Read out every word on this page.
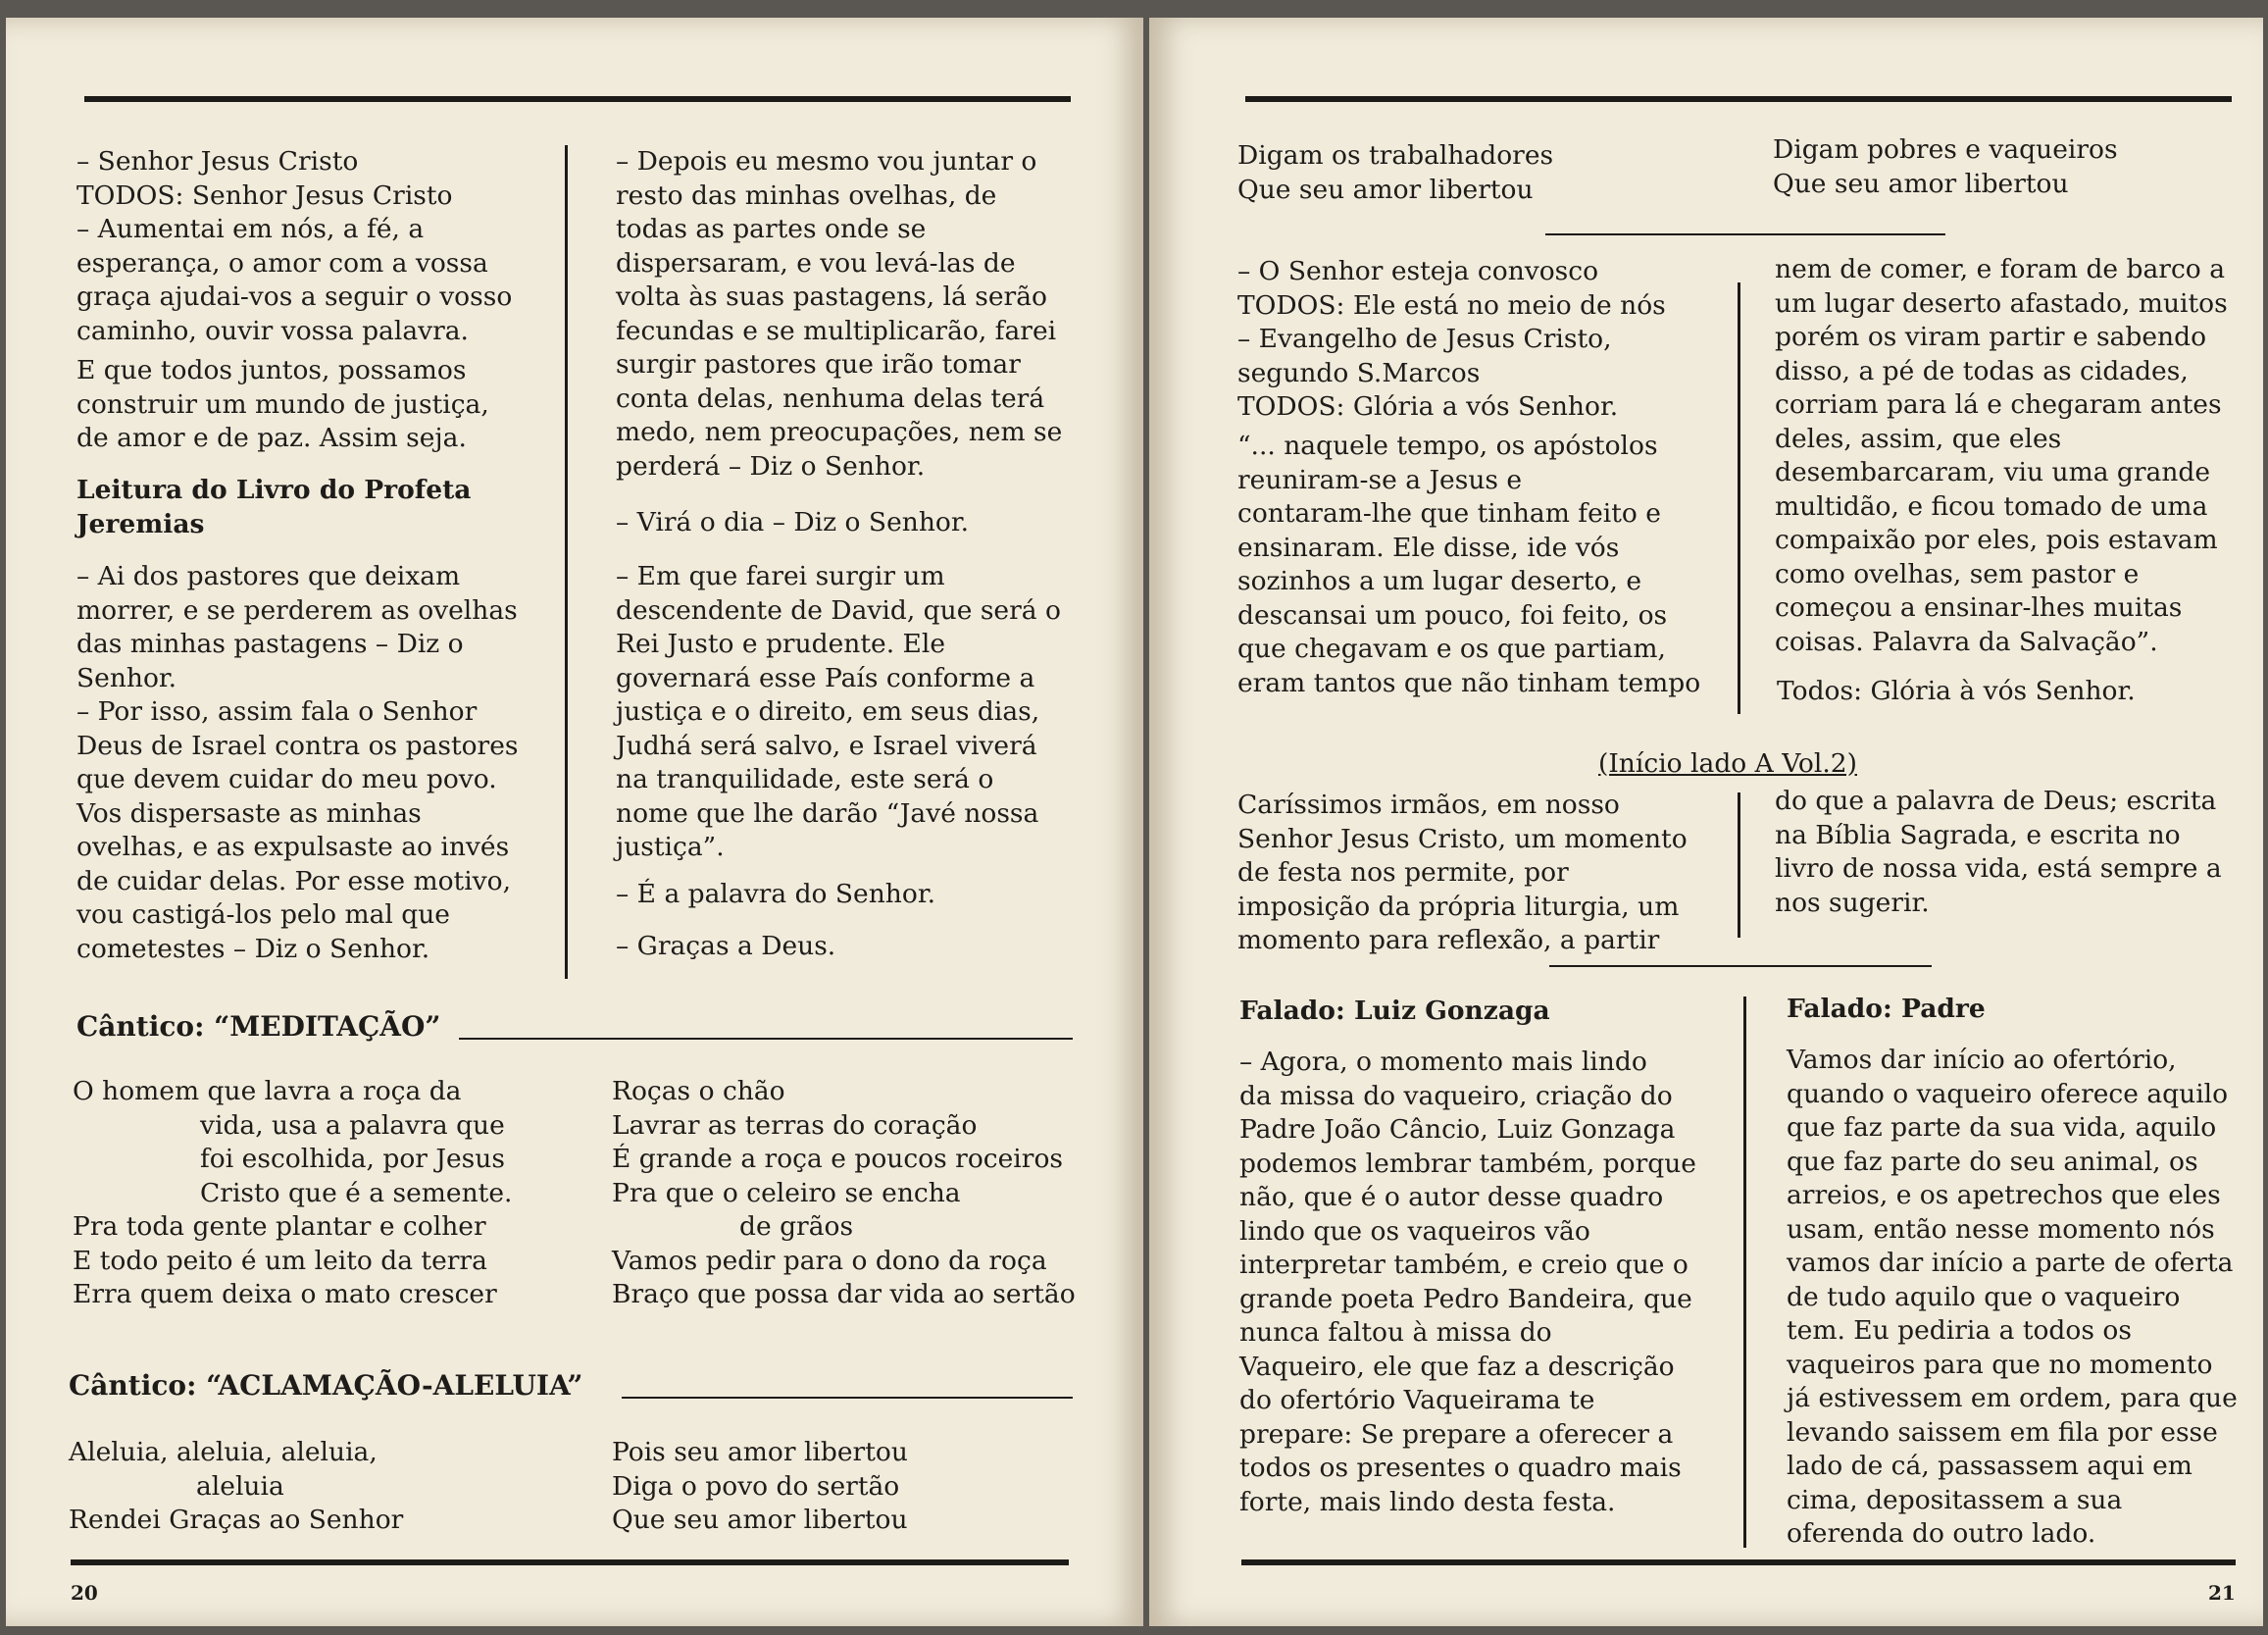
– Senhor Jesus Cristo
TODOS: Senhor Jesus Cristo
– Aumentai em nós, a fé, a
esperança, o amor com a vossa
graça ajudai-vos a seguir o vosso
caminho, ouvir vossa palavra.
E que todos juntos, possamos
construir um mundo de justiça,
de amor e de paz. Assim seja.
Leitura do Livro do Profeta
Jeremias
– Ai dos pastores que deixam
morrer, e se perderem as ovelhas
das minhas pastagens – Diz o
Senhor.
– Por isso, assim fala o Senhor
Deus de Israel contra os pastores
que devem cuidar do meu povo.
Vos dispersaste as minhas
ovelhas, e as expulsaste ao invés
de cuidar delas. Por esse motivo,
vou castigá-los pelo mal que
cometestes – Diz o Senhor.
– Depois eu mesmo vou juntar o
resto das minhas ovelhas, de
todas as partes onde se
dispersaram, e vou levá-las de
volta às suas pastagens, lá serão
fecundas e se multiplicarão, farei
surgir pastores que irão tomar
conta delas, nenhuma delas terá
medo, nem preocupações, nem se
perderá – Diz o Senhor.
– Virá o dia – Diz o Senhor.
– Em que farei surgir um
descendente de David, que será o
Rei Justo e prudente. Ele
governará esse País conforme a
justiça e o direito, em seus dias,
Judhá será salvo, e Israel viverá
na tranquilidade, este será o
nome que lhe darão “Javé nossa
justiça”.
– É a palavra do Senhor.
– Graças a Deus.
Cântico: “MEDITAÇÃO”
O homem que lavra a roça da
vida, usa a palavra que
foi escolhida, por Jesus
Cristo que é a semente.
Pra toda gente plantar e colher
E todo peito é um leito da terra
Erra quem deixa o mato crescer
Roças o chão
Lavrar as terras do coração
É grande a roça e poucos roceiros
Pra que o celeiro se encha
de grãos
Vamos pedir para o dono da roça
Braço que possa dar vida ao sertão
Cântico: “ACLAMAÇÃO-ALELUIA”
Aleluia, aleluia, aleluia,
aleluia
Rendei Graças ao Senhor
Pois seu amor libertou
Diga o povo do sertão
Que seu amor libertou
20
Digam os trabalhadores
Que seu amor libertou
Digam pobres e vaqueiros
Que seu amor libertou
– O Senhor esteja convosco
TODOS: Ele está no meio de nós
– Evangelho de Jesus Cristo,
segundo S.Marcos
TODOS: Glória a vós Senhor.
“... naquele tempo, os apóstolos
reuniram-se a Jesus e
contaram-lhe que tinham feito e
ensinaram. Ele disse, ide vós
sozinhos a um lugar deserto, e
descansai um pouco, foi feito, os
que chegavam e os que partiam,
eram tantos que não tinham tempo
nem de comer, e foram de barco a
um lugar deserto afastado, muitos
porém os viram partir e sabendo
disso, a pé de todas as cidades,
corriam para lá e chegaram antes
deles, assim, que eles
desembarcaram, viu uma grande
multidão, e ficou tomado de uma
compaixão por eles, pois estavam
como ovelhas, sem pastor e
começou a ensinar-lhes muitas
coisas. Palavra da Salvação”.
Todos: Glória à vós Senhor.
(Início lado A Vol.2)
Caríssimos irmãos, em nosso
Senhor Jesus Cristo, um momento
de festa nos permite, por
imposição da própria liturgia, um
momento para reflexão, a partir
do que a palavra de Deus; escrita
na Bíblia Sagrada, e escrita no
livro de nossa vida, está sempre a
nos sugerir.
Falado: Luiz Gonzaga
– Agora, o momento mais lindo
da missa do vaqueiro, criação do
Padre João Câncio, Luiz Gonzaga
podemos lembrar também, porque
não, que é o autor desse quadro
lindo que os vaqueiros vão
interpretar também, e creio que o
grande poeta Pedro Bandeira, que
nunca faltou à missa do
Vaqueiro, ele que faz a descrição
do ofertório Vaqueirama te
prepare: Se prepare a oferecer a
todos os presentes o quadro mais
forte, mais lindo desta festa.
Falado: Padre
Vamos dar início ao ofertório,
quando o vaqueiro oferece aquilo
que faz parte da sua vida, aquilo
que faz parte do seu animal, os
arreios, e os apetrechos que eles
usam, então nesse momento nós
vamos dar início a parte de oferta
de tudo aquilo que o vaqueiro
tem. Eu pediria a todos os
vaqueiros para que no momento
já estivessem em ordem, para que
levando saissem em fila por esse
lado de cá, passassem aqui em
cima, depositassem a sua
oferenda do outro lado.
21
